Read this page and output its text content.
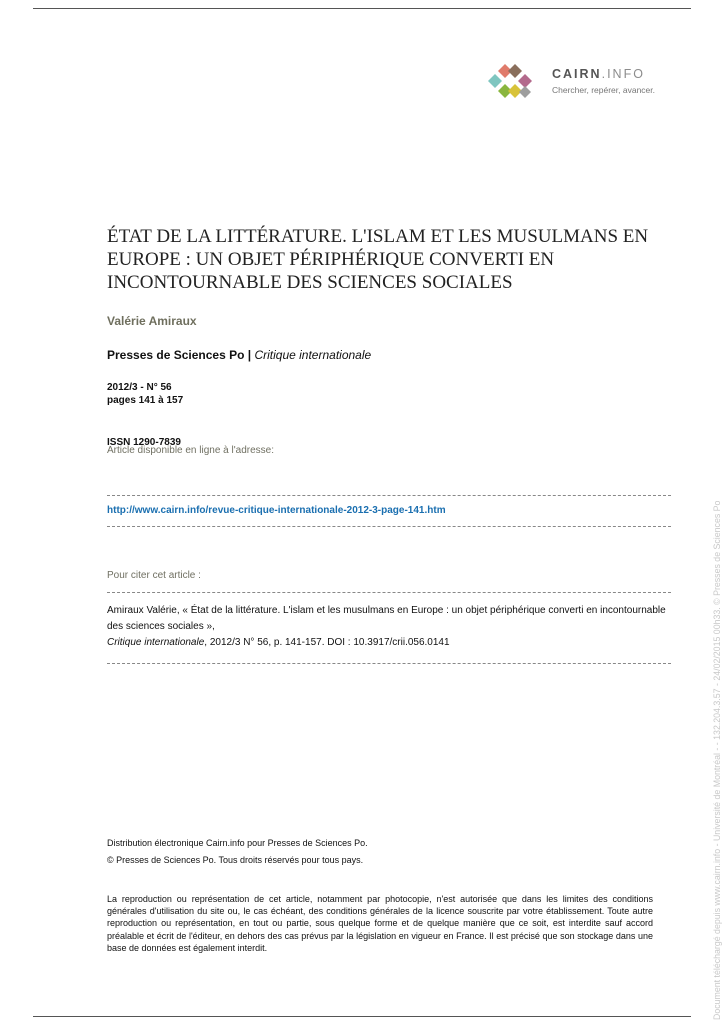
CAIRN.INFO
Chercher, repérer, avancer.
ÉTAT DE LA LITTÉRATURE. L'ISLAM ET LES MUSULMANS EN EUROPE : UN OBJET PÉRIPHÉRIQUE CONVERTI EN INCONTOURNABLE DES SCIENCES SOCIALES
Valérie Amiraux
Presses de Sciences Po | Critique internationale
2012/3 - N° 56
pages 141 à 157
ISSN 1290-7839
Article disponible en ligne à l'adresse:
http://www.cairn.info/revue-critique-internationale-2012-3-page-141.htm
Pour citer cet article :
Amiraux Valérie, « État de la littérature. L'islam et les musulmans en Europe : un objet périphérique converti en incontournable des sciences sociales »,
Critique internationale, 2012/3 N° 56, p. 141-157. DOI : 10.3917/crii.056.0141
Distribution électronique Cairn.info pour Presses de Sciences Po.
© Presses de Sciences Po. Tous droits réservés pour tous pays.

La reproduction ou représentation de cet article, notamment par photocopie, n'est autorisée que dans les limites des conditions générales d'utilisation du site ou, le cas échéant, des conditions générales de la licence souscrite par votre établissement. Toute autre reproduction ou représentation, en tout ou partie, sous quelque forme et de quelque manière que ce soit, est interdite sauf accord préalable et écrit de l'éditeur, en dehors des cas prévus par la législation en vigueur en France. Il est précisé que son stockage dans une base de données est également interdit.	Document téléchargé depuis www.cairn.info - Université de Montréal - - 132.204.3.57 - 24/02/2015 00h33. © Presses de Sciences Po
